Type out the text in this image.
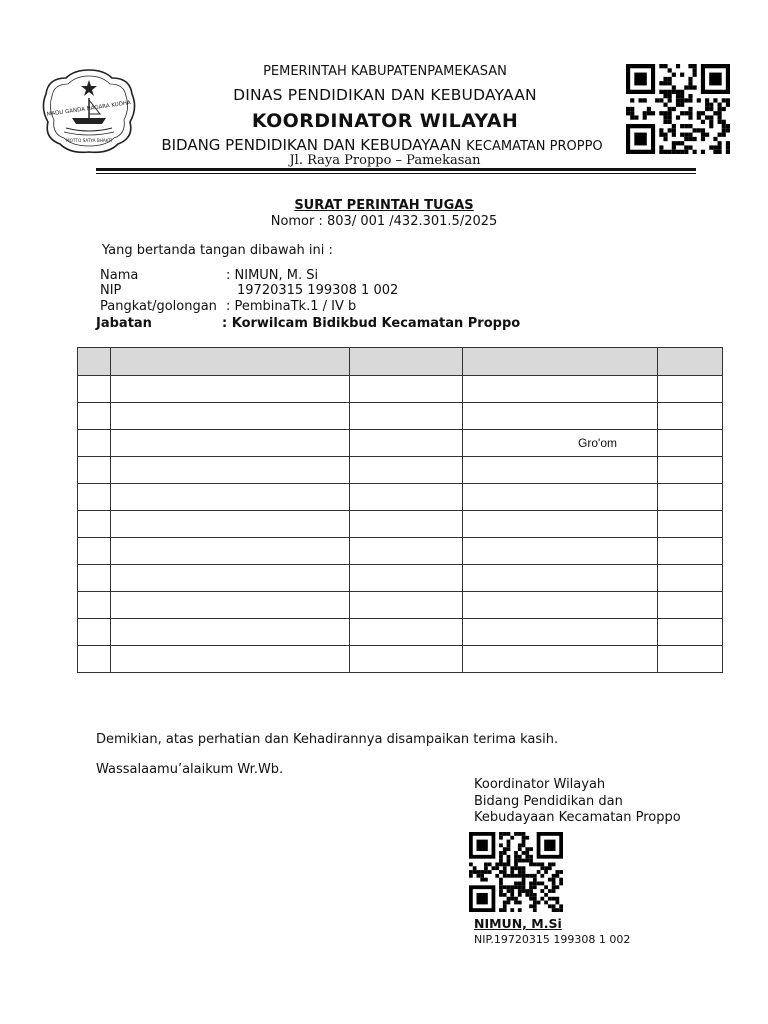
MADU GANDA NAGARA KUDHA
MOTTO SATYA BHAKTI
PEMERINTAH KABUPATENPAMEKASAN
DINAS PENDIDIKAN DAN KEBUDAYAAN
KOORDINATOR WILAYAH
BIDANG PENDIDIKAN DAN KEBUDAYAAN KECAMATAN PROPPO
Jl. Raya Proppo – Pamekasan
SURAT PERINTAH TUGAS
Nomor : 803/ 001 /432.301.5/2025
Yang bertanda tangan dibawah ini :
Nama	: NIMUN, M. Si
NIP	19720315 199308 1 002
Pangkat/golongan : PembinaTk.1 / IV b
Jabatan	: Korwilcam Bidikbud Kecamatan Proppo

			Gro'om	

Demikian, atas perhatian dan Kehadirannya disampaikan terima kasih.
Wassalaamu’alaikum Wr.Wb.
Koordinator Wilayah
Bidang Pendidikan dan
Kebudayaan Kecamatan Proppo
NIMUN, M.Si
NIP.19720315 199308 1 002
